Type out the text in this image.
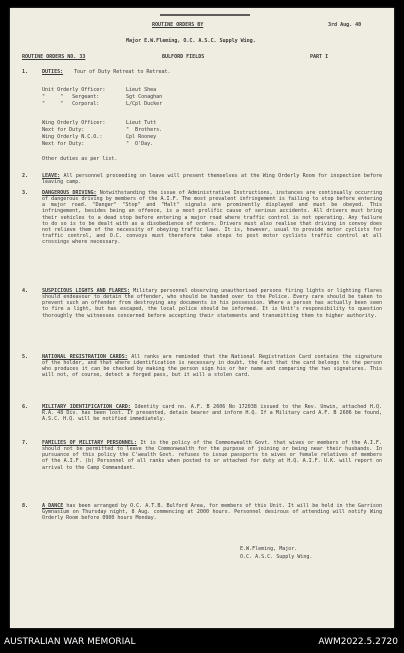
ROUTINE ORDERS BY	3rd Aug. 40
Major E.W.Fleming, O.C. A.S.C. Supply Wing.
ROUTINE ORDERS NO. 33	BULFORD FIELDS	PART I
1.	DUTIES: Tour of Duty Retreat to Retreat.
Unit Orderly Officer:	Lieut Shea
"     "   Sergeant:	Sgt Conaghan
"     "   Corporal:	L/Cpl Ducker
Wing Orderly Officer:	Lieut Tutt
Next for Duty:	"  Brothers.
Wing Orderly N.C.O.:	Cpl Rooney
Next for Duty:	"  O'Day.
Other duties as per list.
2.	LEAVE: All personnel proceeding on leave will present themselves at the Wing Orderly Room for inspection before leaving camp.
3.	DANGEROUS DRIVING: Notwithstanding the issue of Administrative Instructions, instances are continually occurring of dangerous driving by members of the A.I.F. The most prevalent infringement is failing to stop before entering a major road. "Danger" "Stop" and "Halt" signals are prominently displayed and must be obeyed. This infringement, besides being an offence, is a most prolific cause of serious accidents. All drivers must bring their vehicles to a dead stop before entering a major road where traffic control is not operating. Any failure to do so is to be dealt with as a disobedience of orders. Drivers must also realise that driving in convoy does not relieve them of the necessity of obeying traffic laws. It is, however, usual to provide motor cyclists for traffic control, and O.C. convoys must therefore take steps to post motor cyclists traffic control at all crossings where necessary.
4.	SUSPICIOUS LIGHTS AND FLARES: Military personnel observing unauthorised persons firing lights or lighting flares should endeavour to detain the offender, who should be handed over to the Police. Every care should be taken to prevent such an offender from destroying any documents in his possession. Where a person has actually been seen to fire a light, but has escaped, the local police should be informed. It is Unit's responsibility to question thoroughly the witnesses concerned before accepting their statements and transmitting them to higher authority.
5.	NATIONAL REGISTRATION CARDS: All ranks are reminded that the National Registration Card contains the signature of the holder, and that where identification is necessary in doubt, the fact that the card belongs to the person who produces it can be checked by making the person sign his or her name and comparing the two signatures. This will not, of course, detect a forged pass, but it will a stolen card.
6.	MILITARY IDENTIFICATION CARD: Identity card no. A.F. B 2606 No 172038 issued to the Rev. Unwin, attached H.Q. R.A. 48 Div. has been lost. If presented, detain bearer and inform H.Q. If a Military card A.F. B 2606 be found, A.S.C. H.Q. will be notified immediately.
7.	FAMILIES OF MILITARY PERSONNEL: It is the policy of the Commonwealth Govt. that wives or members of the A.I.F. should not be permitted to leave the Commonwealth for the purpose of joining or being near their husbands. In pursuance of this policy the C'wealth Govt. refuses to issue passports to wives or female relatives of members of the A.I.F. (b) Personnel of all ranks when posted to or attached for duty at H.Q. A.I.F. U.K. will report on arrival to the Camp Commandant.
8.	A DANCE has been arranged by O.C. A.T.B. Bulford Area, for members of this Unit. It will be held in the Garrison Gymnasium on Thursday night, 8 Aug. commencing at 2000 hours. Personnel desirous of attending will notify Wing Orderly Room before 0900 hours Monday.
E.W.Fleming, Major.
O.C. A.S.C. Supply Wing.
AUSTRALIAN WAR MEMORIAL	AWM2022.5.2720
